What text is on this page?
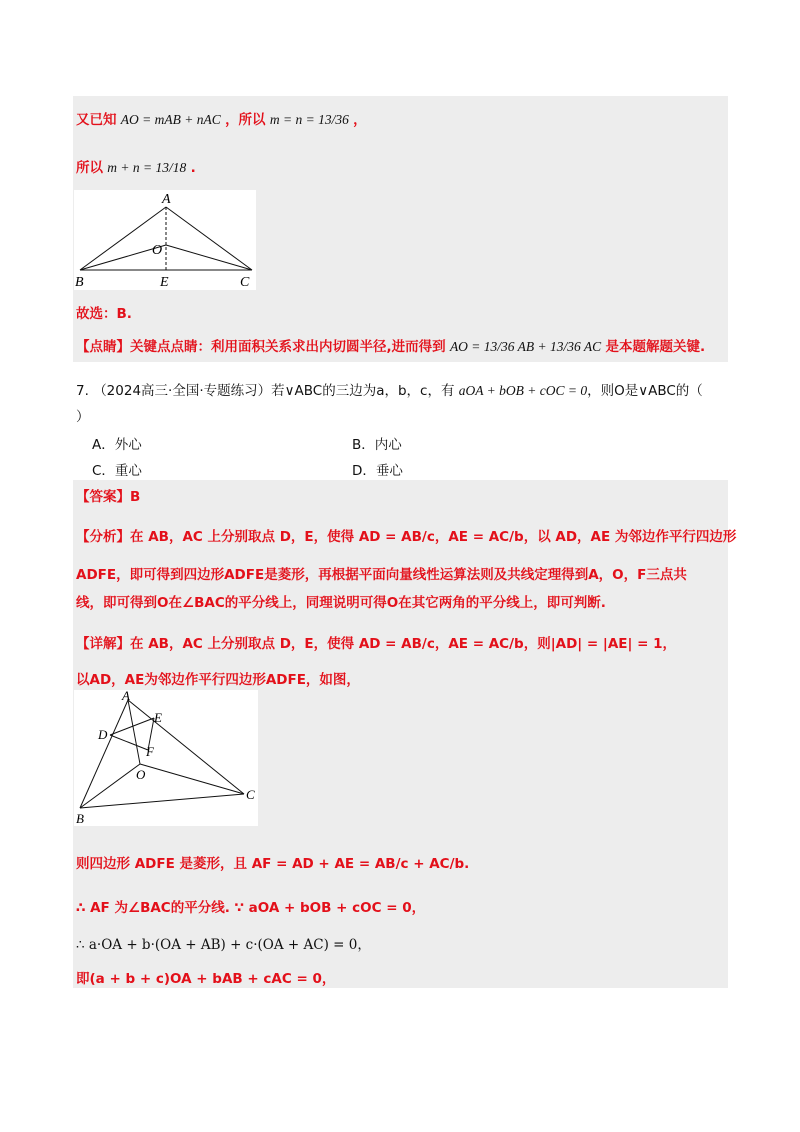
又已知 AO = mAB + nAC ，所以 m = n = 13/36 ，
所以 m + n = 13/18 .
A
O
B	E	C
故选：B.
【点睛】关键点点睛：利用面积关系求出内切圆半径,进而得到 AO = 13/36 AB + 13/36 AC 是本题解题关键.
7. （2024高三·全国·专题练习）若∨ABC的三边为a，b，c，有 aOA + bOB + cOC = 0，则O是∨ABC的（
）
A．外心	B．内心
C．重心	D．垂心
【答案】B
【分析】在 AB，AC 上分别取点 D，E，使得 AD = AB/c，AE = AC/b，以 AD，AE 为邻边作平行四边形
ADFE，即可得到四边形ADFE是菱形，再根据平面向量线性运算法则及共线定理得到A，O，F三点共
线，即可得到O在∠BAC的平分线上，同理说明可得O在其它两角的平分线上，即可判断.
【详解】在 AB，AC 上分别取点 D，E，使得 AD = AB/c，AE = AC/b，则|AD| = |AE| = 1，
以AD，AE为邻边作平行四边形ADFE，如图，
A
E
D
F
O
C
B
则四边形 ADFE 是菱形，且 AF = AD + AE = AB/c + AC/b.
∴ AF 为∠BAC的平分线. ∵ aOA + bOB + cOC = 0，
∴ a·OA + b·(OA + AB) + c·(OA + AC) = 0，
即(a + b + c)OA + bAB + cAC = 0，
